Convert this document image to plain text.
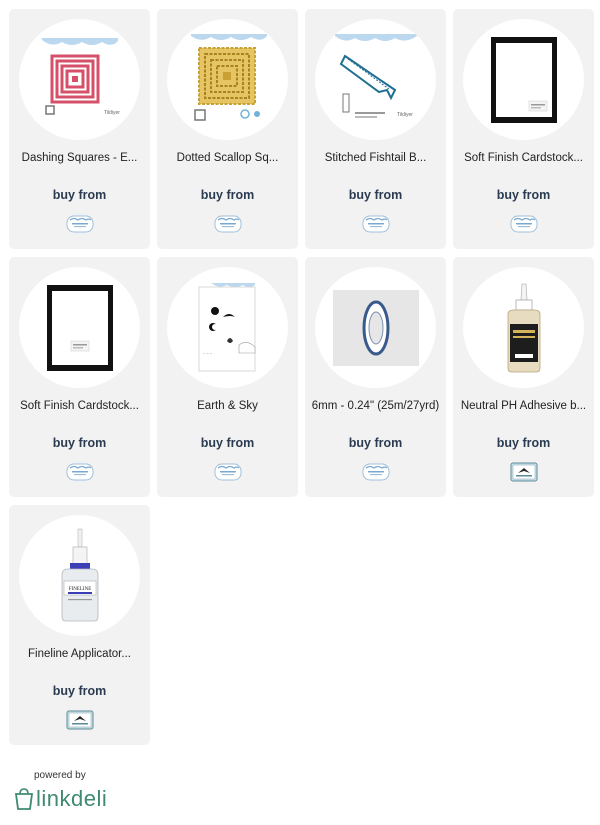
Tildiyer
Dashing Squares - E...
buy from
Dotted Scallop Sq...
buy from
Tildiyer
Stitched Fishtail B...
buy from
Soft Finish Cardstock...
buy from
Soft Finish Cardstock...
buy from
~ ~ ~
Earth & Sky
buy from
6mm - 0.24" (25m/27yrd)
buy from
Neutral PH Adhesive b...
buy from
FINELINE
Fineline Applicator...
buy from
powered by
linkdeli
